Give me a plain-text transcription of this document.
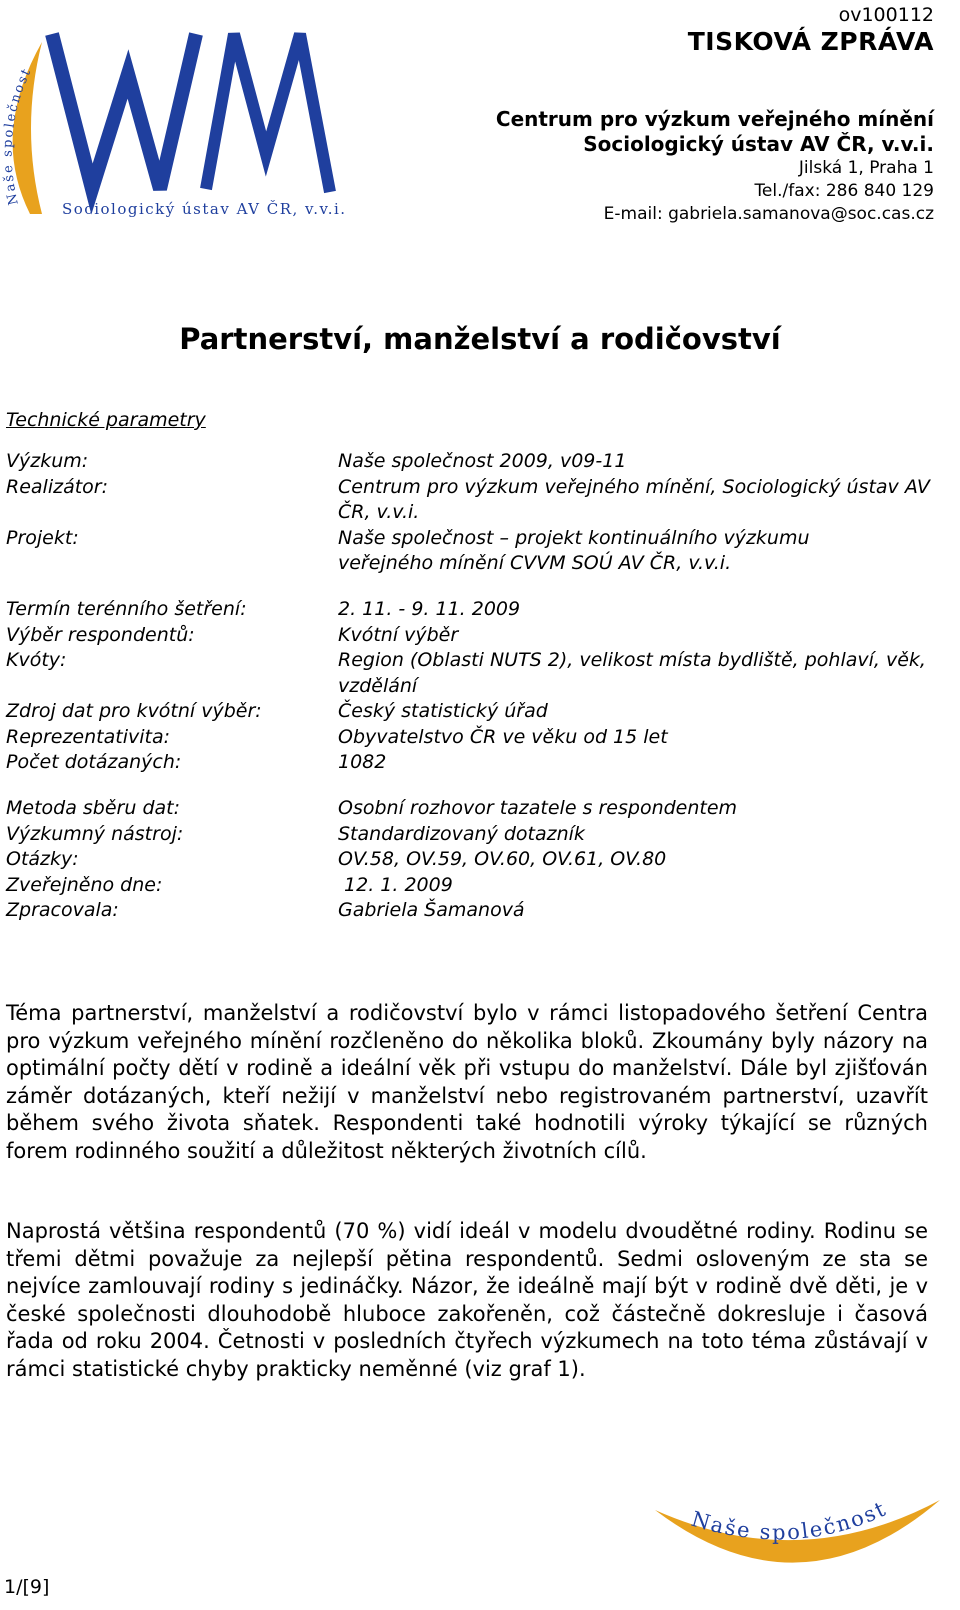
Naše společnost
Sociologický ústav AV ČR, v.v.i.
ov100112
TISKOVÁ ZPRÁVA
Centrum pro výzkum veřejného mínění
Sociologický ústav AV ČR, v.v.i.
Jilská 1, Praha 1
Tel./fax: 286 840 129
E-mail: gabriela.samanova@soc.cas.cz
Partnerství, manželství a rodičovství
Technické parametry
Výzkum:	Naše společnost 2009, v09-11
Realizátor:	Centrum pro výzkum veřejného mínění, Sociologický ústav AV ČR, v.v.i.
Projekt:	Naše společnost – projekt kontinuálního výzkumu veřejného mínění CVVM SOÚ AV ČR, v.v.i.
Termín terénního šetření:	2. 11. - 9. 11. 2009
Výběr respondentů:	Kvótní výběr
Kvóty:	Region (Oblasti NUTS 2), velikost místa bydliště, pohlaví, věk, vzdělání
Zdroj dat pro kvótní výběr:	Český statistický úřad
Reprezentativita:	Obyvatelstvo ČR ve věku od 15 let
Počet dotázaných:	1082
Metoda sběru dat:	Osobní rozhovor tazatele s respondentem
Výzkumný nástroj:	Standardizovaný dotazník
Otázky:	OV.58, OV.59, OV.60, OV.61, OV.80
Zveřejněno dne:	12. 1. 2009
Zpracovala:	Gabriela Šamanová
Téma partnerství, manželství a rodičovství bylo v rámci listopadového šetření Centra pro výzkum veřejného mínění rozčleněno do několika bloků. Zkoumány byly názory na optimální počty dětí v rodině a ideální věk při vstupu do manželství. Dále byl zjišťován záměr dotázaných, kteří nežijí v manželství nebo registrovaném partnerství, uzavřít během svého života sňatek. Respondenti také hodnotili výroky týkající se různých forem rodinného soužití a důležitost některých životních cílů.
Naprostá většina respondentů (70 %) vidí ideál v modelu dvoudětné rodiny. Rodinu se třemi dětmi považuje za nejlepší pětina respondentů. Sedmi osloveným ze sta se nejvíce zamlouvají rodiny s jedináčky. Názor, že ideálně mají být v rodině dvě děti, je v české společnosti dlouhodobě hluboce zakořeněn, což částečně dokresluje i časová řada od roku 2004. Četnosti v posledních čtyřech výzkumech na toto téma zůstávají v rámci statistické chyby prakticky neměnné (viz graf 1).
1/[9]
Naše společnost
